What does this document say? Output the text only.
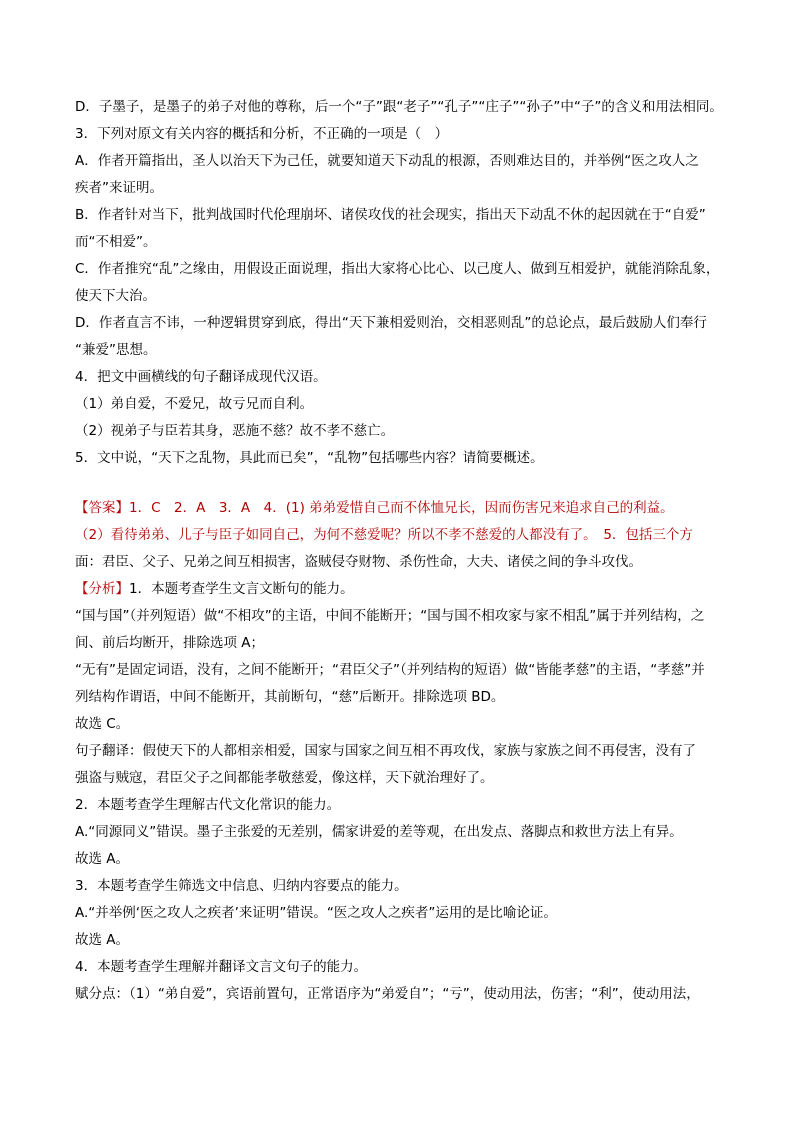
D．子墨子，是墨子的弟子对他的尊称，后一个“子”跟“老子”“孔子”“庄子”“孙子”中“子”的含义和用法相同。
3．下列对原文有关内容的概括和分析，不正确的一项是（　）
A．作者开篇指出，圣人以治天下为己任，就要知道天下动乱的根源，否则难达目的，并举例“医之攻人之
疾者”来证明。
B．作者针对当下，批判战国时代伦理崩坏、诸侯攻伐的社会现实，指出天下动乱不休的起因就在于“自爱”
而“不相爱”。
C．作者推究“乱”之缘由，用假设正面说理，指出大家将心比心、以己度人、做到互相爱护，就能消除乱象，
使天下大治。
D．作者直言不讳，一种逻辑贯穿到底，得出“天下兼相爱则治，交相恶则乱”的总论点，最后鼓励人们奉行
“兼爱”思想。
4．把文中画横线的句子翻译成现代汉语。
（1）弟自爱，不爱兄，故亏兄而自利。
（2）视弟子与臣若其身，恶施不慈？故不孝不慈亡。
5．文中说，“天下之乱物，具此而已矣”，“乱物”包括哪些内容？请简要概述。
【答案】1．C　2．A　3．A　4．(1) 弟弟爱惜自己而不体恤兄长，因而伤害兄来追求自己的利益。
（2）看待弟弟、儿子与臣子如同自己，为何不慈爱呢？所以不孝不慈爱的人都没有了。　5．包括三个方
面：君臣、父子、兄弟之间互相损害，盗贼侵夺财物、杀伤性命，大夫、诸侯之间的争斗攻伐。
【分析】1．本题考查学生文言文断句的能力。
“国与国”（并列短语）做“不相攻”的主语，中间不能断开；“国与国不相攻家与家不相乱”属于并列结构，之
间、前后均断开，排除选项 A；
“无有”是固定词语，没有，之间不能断开；“君臣父子”（并列结构的短语）做“皆能孝慈”的主语，“孝慈”并
列结构作谓语，中间不能断开，其前断句，“慈”后断开。排除选项 BD。
故选 C。
句子翻译：假使天下的人都相亲相爱，国家与国家之间互相不再攻伐，家族与家族之间不再侵害，没有了
强盗与贼寇，君臣父子之间都能孝敬慈爱，像这样，天下就治理好了。
2．本题考查学生理解古代文化常识的能力。
A.“同源同义”错误。墨子主张爱的无差别，儒家讲爱的差等观，在出发点、落脚点和救世方法上有异。
故选 A。
3．本题考查学生筛选文中信息、归纳内容要点的能力。
A.“并举例‘医之攻人之疾者’来证明”错误。“医之攻人之疾者”运用的是比喻论证。
故选 A。
4．本题考查学生理解并翻译文言文句子的能力。
赋分点：（1）“弟自爱”，宾语前置句，正常语序为“弟爱自”；“亏”，使动用法，伤害；“利”，使动用法，
